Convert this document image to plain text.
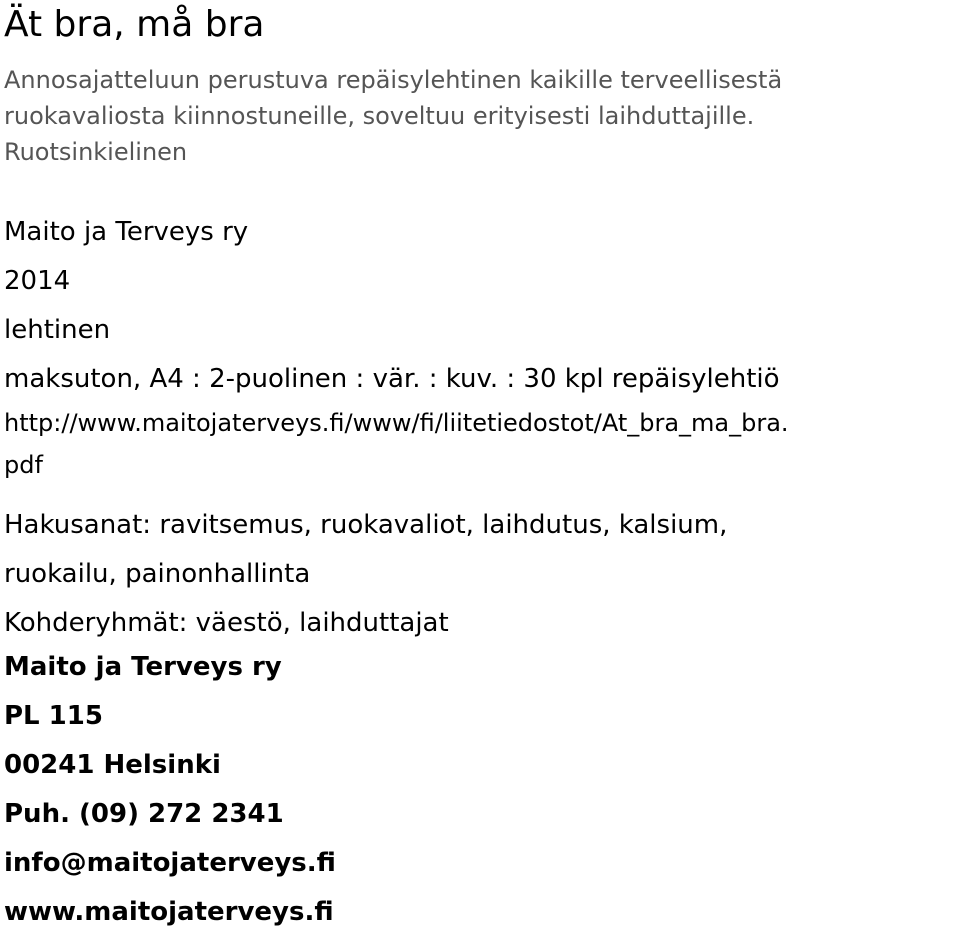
Ät bra, må bra
Annosajatteluun perustuva repäisylehtinen kaikille terveellisestä
ruokavaliosta kiinnostuneille, soveltuu erityisesti laihduttajille.
Ruotsinkielinen
Maito ja Terveys ry
2014
lehtinen
maksuton, A4 : 2-puolinen : vär. : kuv. : 30 kpl repäisylehtiö
http://www.maitojaterveys.fi/www/fi/liitetiedostot/At_bra_ma_bra.
pdf
Hakusanat: ravitsemus, ruokavaliot, laihdutus, kalsium,
ruokailu, painonhallinta
Kohderyhmät: väestö, laihduttajat
Maito ja Terveys ry
PL 115
00241 Helsinki
Puh. (09) 272 2341
info@maitojaterveys.fi
www.maitojaterveys.fi
